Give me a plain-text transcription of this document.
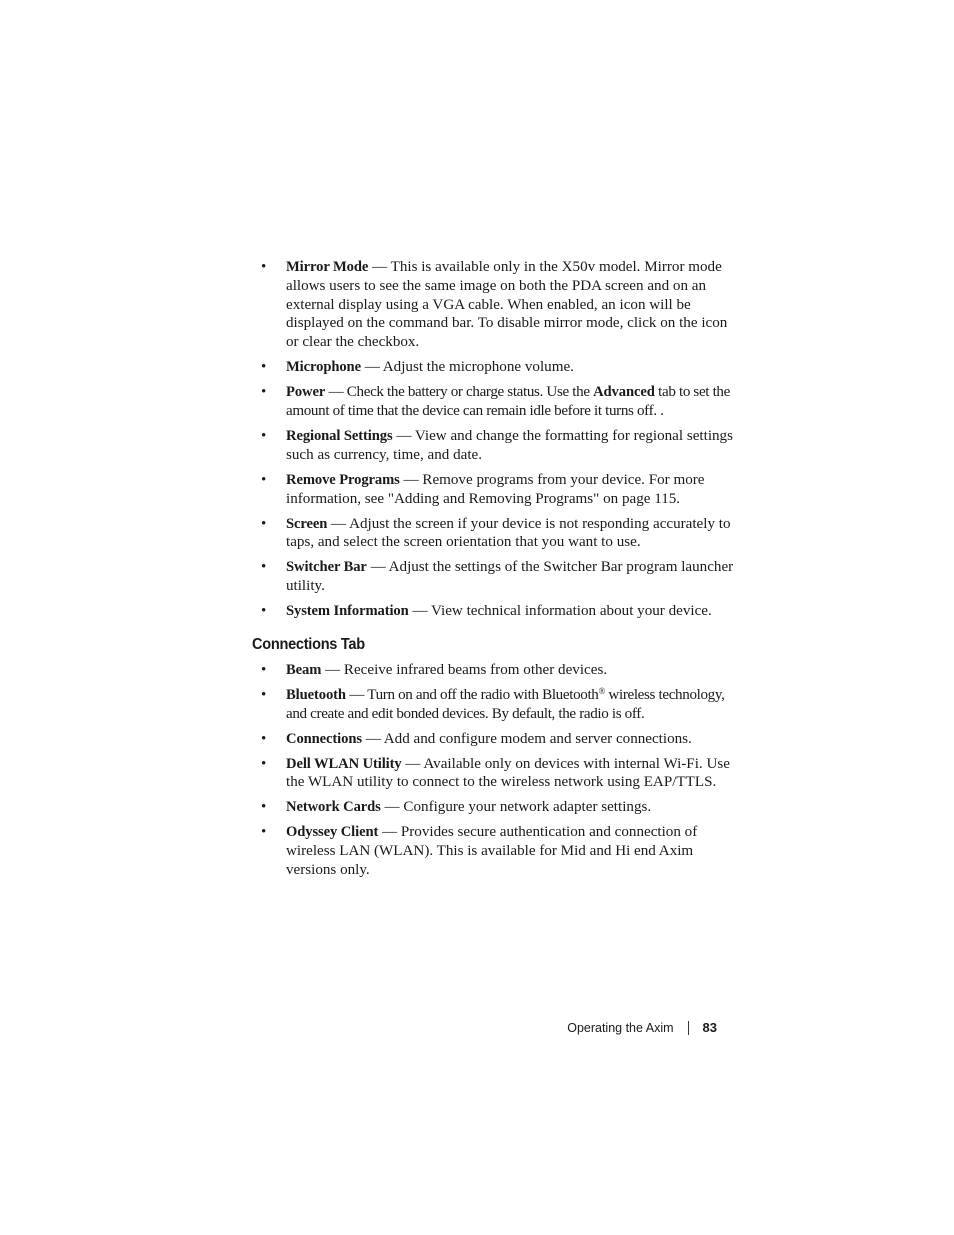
• Mirror Mode — This is available only in the X50v model. Mirror mode allows users to see the same image on both the PDA screen and on an external display using a VGA cable. When enabled, an icon will be displayed on the command bar. To disable mirror mode, click on the icon or clear the checkbox.
• Microphone — Adjust the microphone volume.
• Power — Check the battery or charge status. Use the Advanced tab to set the amount of time that the device can remain idle before it turns off. .
• Regional Settings — View and change the formatting for regional settings such as currency, time, and date.
• Remove Programs — Remove programs from your device. For more information, see "Adding and Removing Programs" on page 115.
• Screen — Adjust the screen if your device is not responding accurately to taps, and select the screen orientation that you want to use.
• Switcher Bar — Adjust the settings of the Switcher Bar program launcher utility.
• System Information — View technical information about your device.
Connections Tab
• Beam — Receive infrared beams from other devices.
• Bluetooth — Turn on and off the radio with Bluetooth® wireless technology, and create and edit bonded devices. By default, the radio is off.
• Connections — Add and configure modem and server connections.
• Dell WLAN Utility — Available only on devices with internal Wi-Fi. Use the WLAN utility to connect to the wireless network using EAP/TTLS.
• Network Cards — Configure your network adapter settings.
• Odyssey Client — Provides secure authentication and connection of wireless LAN (WLAN). This is available for Mid and Hi end Axim versions only.
Operating the Axim 83
